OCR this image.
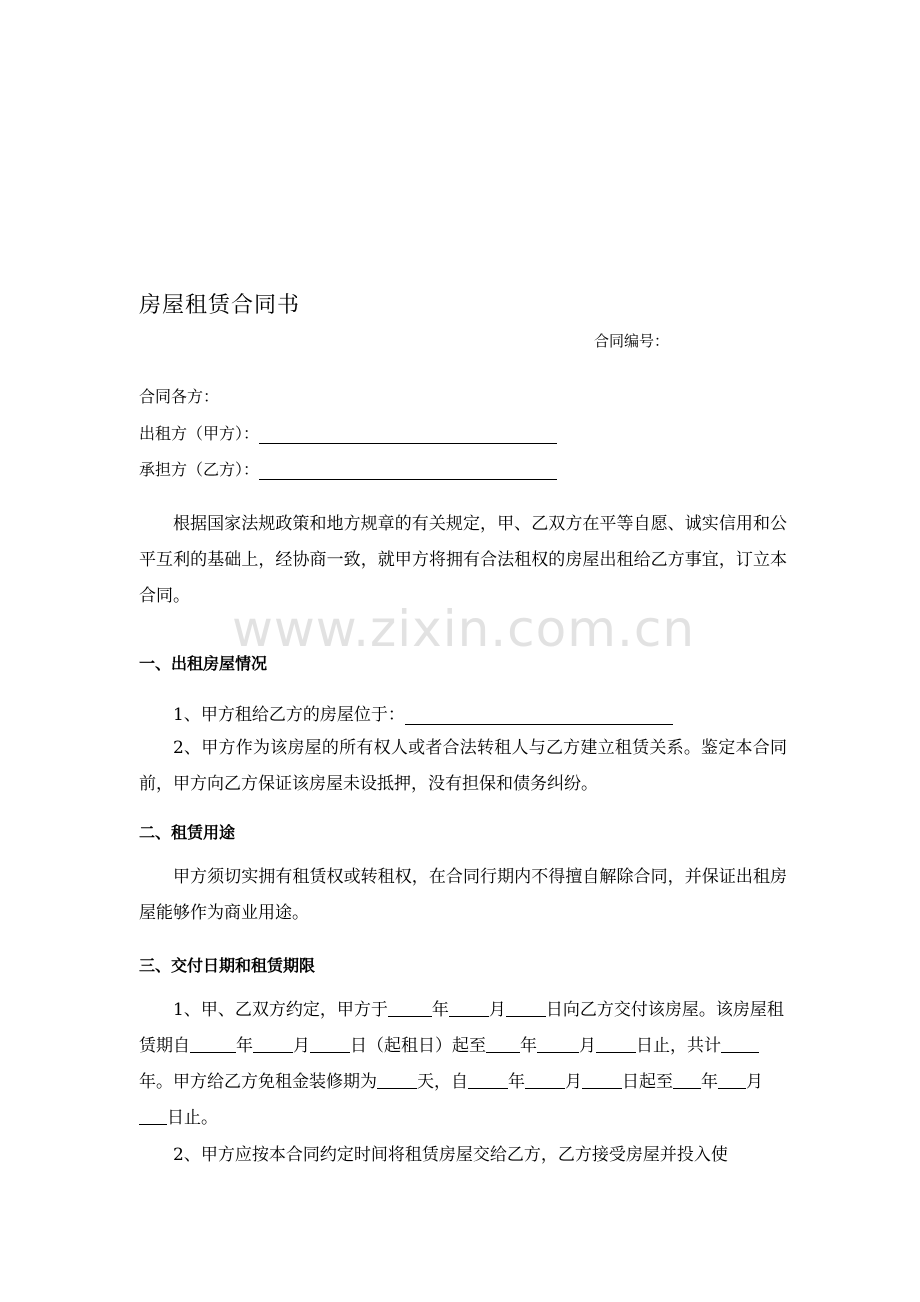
www.zixin.com.cn
房屋租赁合同书
合同编号：
合同各方：
出租方（甲方）：
承担方（乙方）：
根据国家法规政策和地方规章的有关规定，甲、乙双方在平等自愿、诚实信用和公平互利的基础上，经协商一致，就甲方将拥有合法租权的房屋出租给乙方事宜，订立本合同。
一、出租房屋情况
1、甲方租给乙方的房屋位于：
2、甲方作为该房屋的所有权人或者合法转租人与乙方建立租赁关系。鉴定本合同前，甲方向乙方保证该房屋未设抵押，没有担保和债务纠纷。
二、租赁用途
甲方须切实拥有租赁权或转租权，在合同行期内不得擅自解除合同，并保证出租房屋能够作为商业用途。
三、交付日期和租赁期限
1、甲、乙双方约定，甲方于	年 月 日向乙方交付该房屋。该房屋租赁期自	年 月 日（起租日）起至 年 月 日止，共计年。甲方给乙方免租金装修期为 天，自 年 月 日起至 年 月日止。
2、甲方应按本合同约定时间将租赁房屋交给乙方，乙方接受房屋并投入使
